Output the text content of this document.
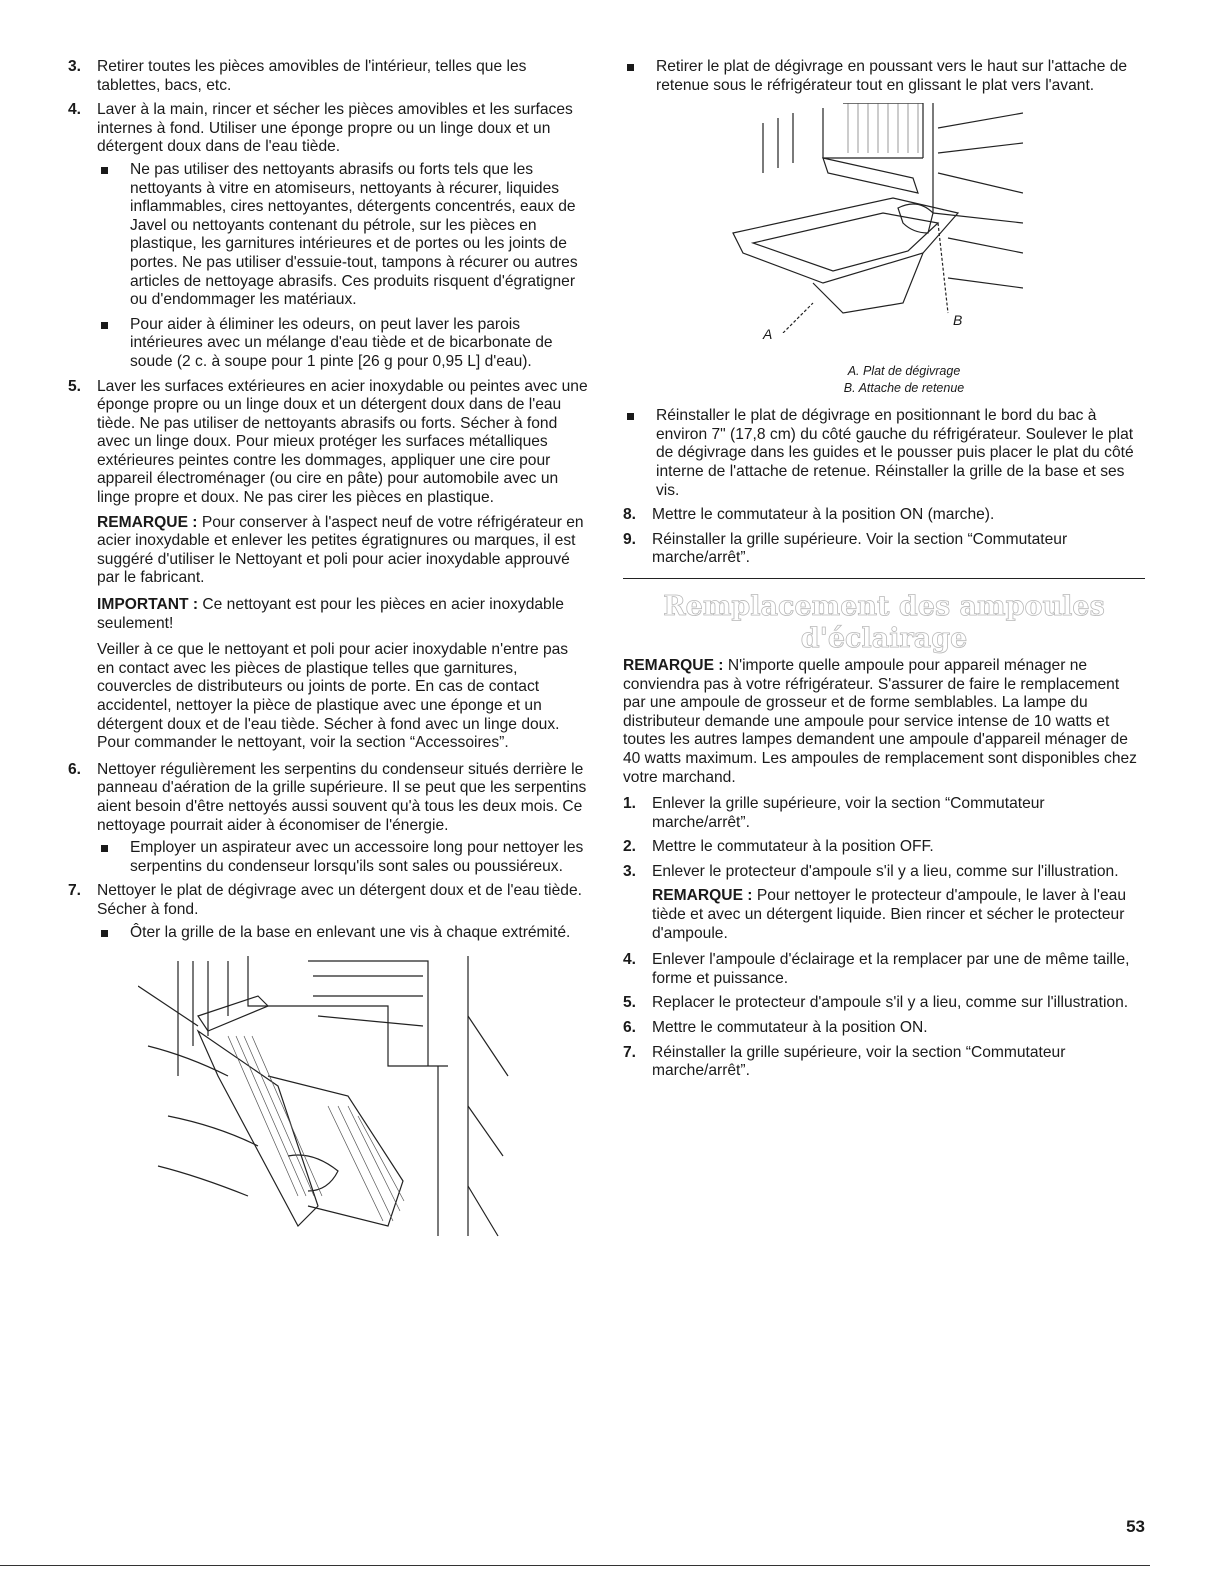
3. Retirer toutes les pièces amovibles de l'intérieur, telles que les tablettes, bacs, etc.

4. Laver à la main, rincer et sécher les pièces amovibles et les surfaces internes à fond. Utiliser une éponge propre ou un linge doux et un détergent doux dans de l'eau tiède.

Ne pas utiliser des nettoyants abrasifs ou forts tels que les nettoyants à vitre en atomiseurs, nettoyants à récurer, liquides inflammables, cires nettoyantes, détergents concentrés, eaux de Javel ou nettoyants contenant du pétrole, sur les pièces en plastique, les garnitures intérieures et de portes ou les joints de portes. Ne pas utiliser d'essuie-tout, tampons à récurer ou autres articles de nettoyage abrasifs. Ces produits risquent d'égratigner ou d'endommager les matériaux.
Pour aider à éliminer les odeurs, on peut laver les parois intérieures avec un mélange d'eau tiède et de bicarbonate de soude (2 c. à soupe pour 1 pinte [26 g pour 0,95 L] d'eau).
5. Laver les surfaces extérieures en acier inoxydable ou peintes avec une éponge propre ou un linge doux et un détergent doux dans de l'eau tiède. Ne pas utiliser de nettoyants abrasifs ou forts. Sécher à fond avec un linge doux. Pour mieux protéger les surfaces métalliques extérieures peintes contre les dommages, appliquer une cire pour appareil électroménager (ou cire en pâte) pour automobile avec un linge propre et doux. Ne pas cirer les pièces en plastique.

REMARQUE : Pour conserver à l'aspect neuf de votre réfrigérateur en acier inoxydable et enlever les petites égratignures ou marques, il est suggéré d'utiliser le Nettoyant et poli pour acier inoxydable approuvé par le fabricant.

IMPORTANT : Ce nettoyant est pour les pièces en acier inoxydable seulement!

Veiller à ce que le nettoyant et poli pour acier inoxydable n'entre pas en contact avec les pièces de plastique telles que garnitures, couvercles de distributeurs ou joints de porte. En cas de contact accidentel, nettoyer la pièce de plastique avec une éponge et un détergent doux et de l'eau tiède. Sécher à fond avec un linge doux. Pour commander le nettoyant, voir la section “Accessoires”.

6. Nettoyer régulièrement les serpentins du condenseur situés derrière le panneau d'aération de la grille supérieure. Il se peut que les serpentins aient besoin d'être nettoyés aussi souvent qu'à tous les deux mois. Ce nettoyage pourrait aider à économiser de l'énergie.

Employer un aspirateur avec un accessoire long pour nettoyer les serpentins du condenseur lorsqu'ils sont sales ou poussiéreux.
7. Nettoyer le plat de dégivrage avec un détergent doux et de l'eau tiède. Sécher à fond.

Ôter la grille de la base en enlevant une vis à chaque extrémité.
Retirer le plat de dégivrage en poussant vers le haut sur l'attache de retenue sous le réfrigérateur tout en glissant le plat vers l'avant.
A
B
A. Plat de dégivrage
B. Attache de retenue
Réinstaller le plat de dégivrage en positionnant le bord du bac à environ 7" (17,8 cm) du côté gauche du réfrigérateur. Soulever le plat de dégivrage dans les guides et le pousser puis placer le plat du côté interne de l'attache de retenue. Réinstaller la grille de la base et ses vis.
8. Mettre le commutateur à la position ON (marche).

9. Réinstaller la grille supérieure. Voir la section “Commutateur marche/arrêt”.

Remplacement des ampoules d'éclairage

REMARQUE : N'importe quelle ampoule pour appareil ménager ne conviendra pas à votre réfrigérateur. S'assurer de faire le remplacement par une ampoule de grosseur et de forme semblables. La lampe du distributeur demande une ampoule pour service intense de 10 watts et toutes les autres lampes demandent une ampoule d'appareil ménager de 40 watts maximum. Les ampoules de remplacement sont disponibles chez votre marchand.

1. Enlever la grille supérieure, voir la section “Commutateur marche/arrêt”.

2. Mettre le commutateur à la position OFF.

3. Enlever le protecteur d'ampoule s'il y a lieu, comme sur l'illustration.

REMARQUE : Pour nettoyer le protecteur d'ampoule, le laver à l'eau tiède et avec un détergent liquide. Bien rincer et sécher le protecteur d'ampoule.

4. Enlever l'ampoule d'éclairage et la remplacer par une de même taille, forme et puissance.

5. Replacer le protecteur d'ampoule s'il y a lieu, comme sur l'illustration.

6. Mettre le commutateur à la position ON.

7. Réinstaller la grille supérieure, voir la section “Commutateur marche/arrêt”.

53
